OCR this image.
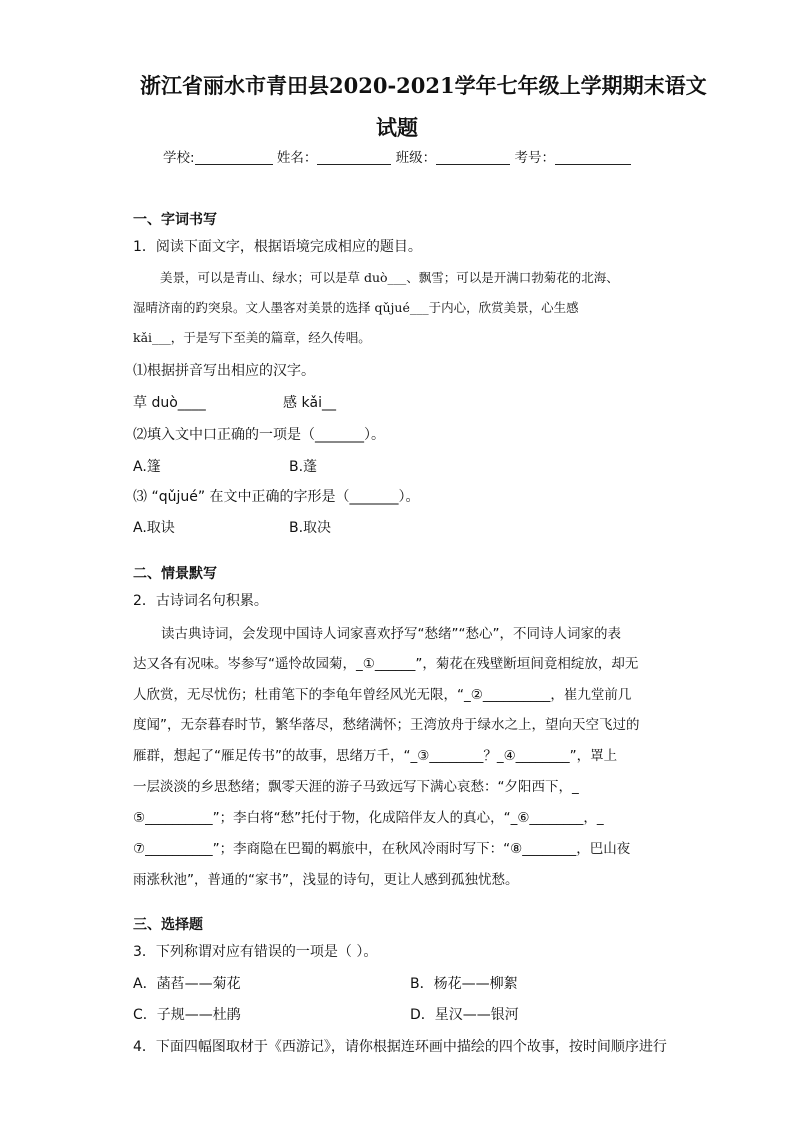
浙江省丽水市青田县2020-2021学年七年级上学期期末语文
试题
学校:	姓名：	班级：	考号：
一、字词书写
1．阅读下面文字，根据语境完成相应的题目。
美景，可以是青山、绿水；可以是草 duò___、飘雪；可以是开满口勃菊花的北海、
湿晴济南的趵突泉。文人墨客对美景的选择 qǔjué___于内心，欣赏美景，心生感
kǎi___，于是写下至美的篇章，经久传唱。
⑴根据拼音写出相应的汉字。
草 duò____	感 kǎi__
⑵填入文中口正确的一项是（_______）。
A.篷	B.蓬
⑶ “qǔjué” 在文中正确的字形是（_______）。
A.取诀	B.取决
二、情景默写
2．古诗词名句积累。
读古典诗词，会发现中国诗人词家喜欢抒写“愁绪”“愁心”，不同诗人词家的表
达又各有况味。岑参写“遥怜故园菊，_①______”，菊花在残壁断垣间竟相绽放，却无
人欣赏，无尽忧伤；杜甫笔下的李龟年曾经风光无限，“_②__________，崔九堂前几
度闻”，无奈暮春时节，繁华落尽，愁绪满怀；王湾放舟于绿水之上，望向天空飞过的
雁群，想起了“雁足传书”的故事，思绪万千，“_③________？_④________”，罩上
一层淡淡的乡思愁绪；飘零天涯的游子马致远写下满心哀愁：“夕阳西下，_
⑤__________”；李白将“愁”托付于物，化成陪伴友人的真心，“_⑥________，_
⑦__________”；李商隐在巴蜀的羁旅中，在秋风冷雨时写下：“⑧________，巴山夜
雨涨秋池”，普通的“家书”，浅显的诗句，更让人感到孤独忧愁。
三、选择题
3．下列称谓对应有错误的一项是（ ）。
A．菡萏——菊花	B．杨花——柳絮
C．子规——杜鹃	D．星汉——银河
4．下面四幅图取材于《西游记》，请你根据连环画中描绘的四个故事，按时间顺序进行
